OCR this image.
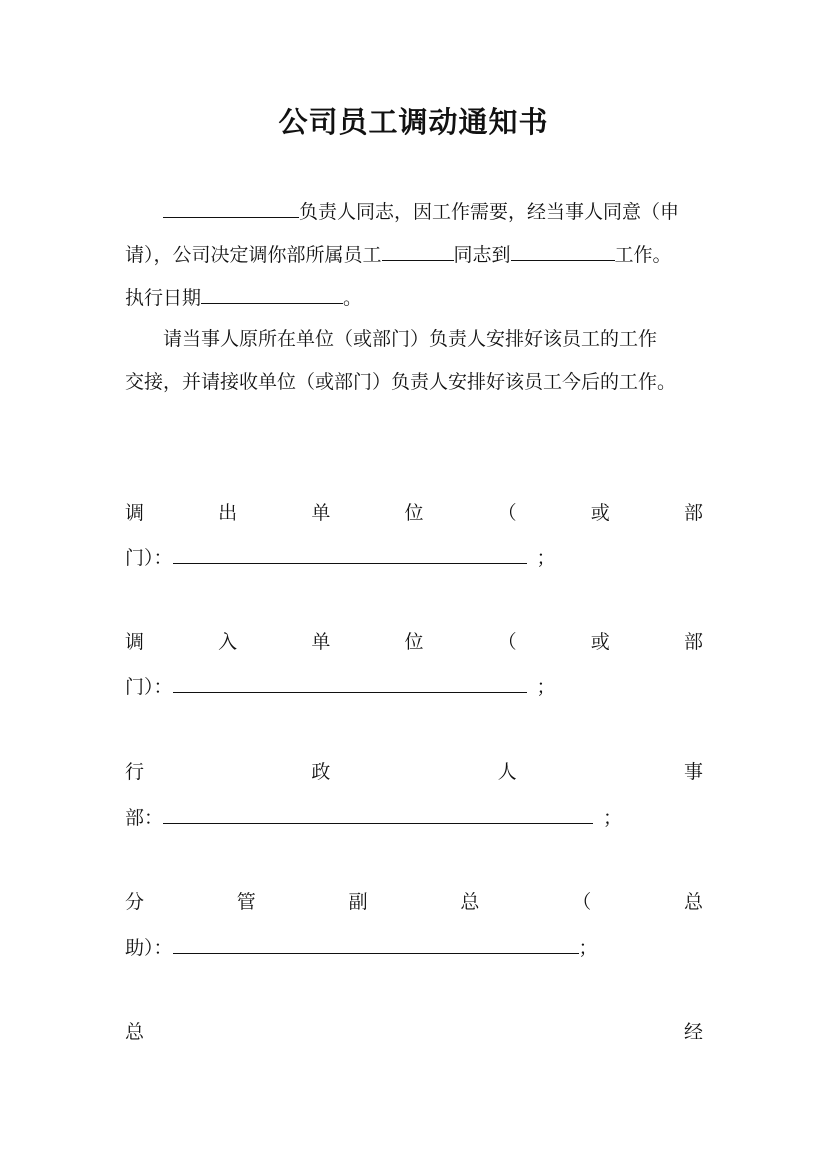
公司员工调动通知书
负责人同志，因工作需要，经当事人同意（申
请），公司决定调你部所属员工	同志到	工作。
执行日期	。
请当事人原所在单位（或部门）负责人安排好该员工的工作
交接，并请接收单位（或部门）负责人安排好该员工今后的工作。
调	出	单	位	（	或	部
门）：	；
调	入	单	位	（	或	部
门）：	；
行	政	人	事
部：	；
分	管	副	总	（	总
助）：	；
总	经
